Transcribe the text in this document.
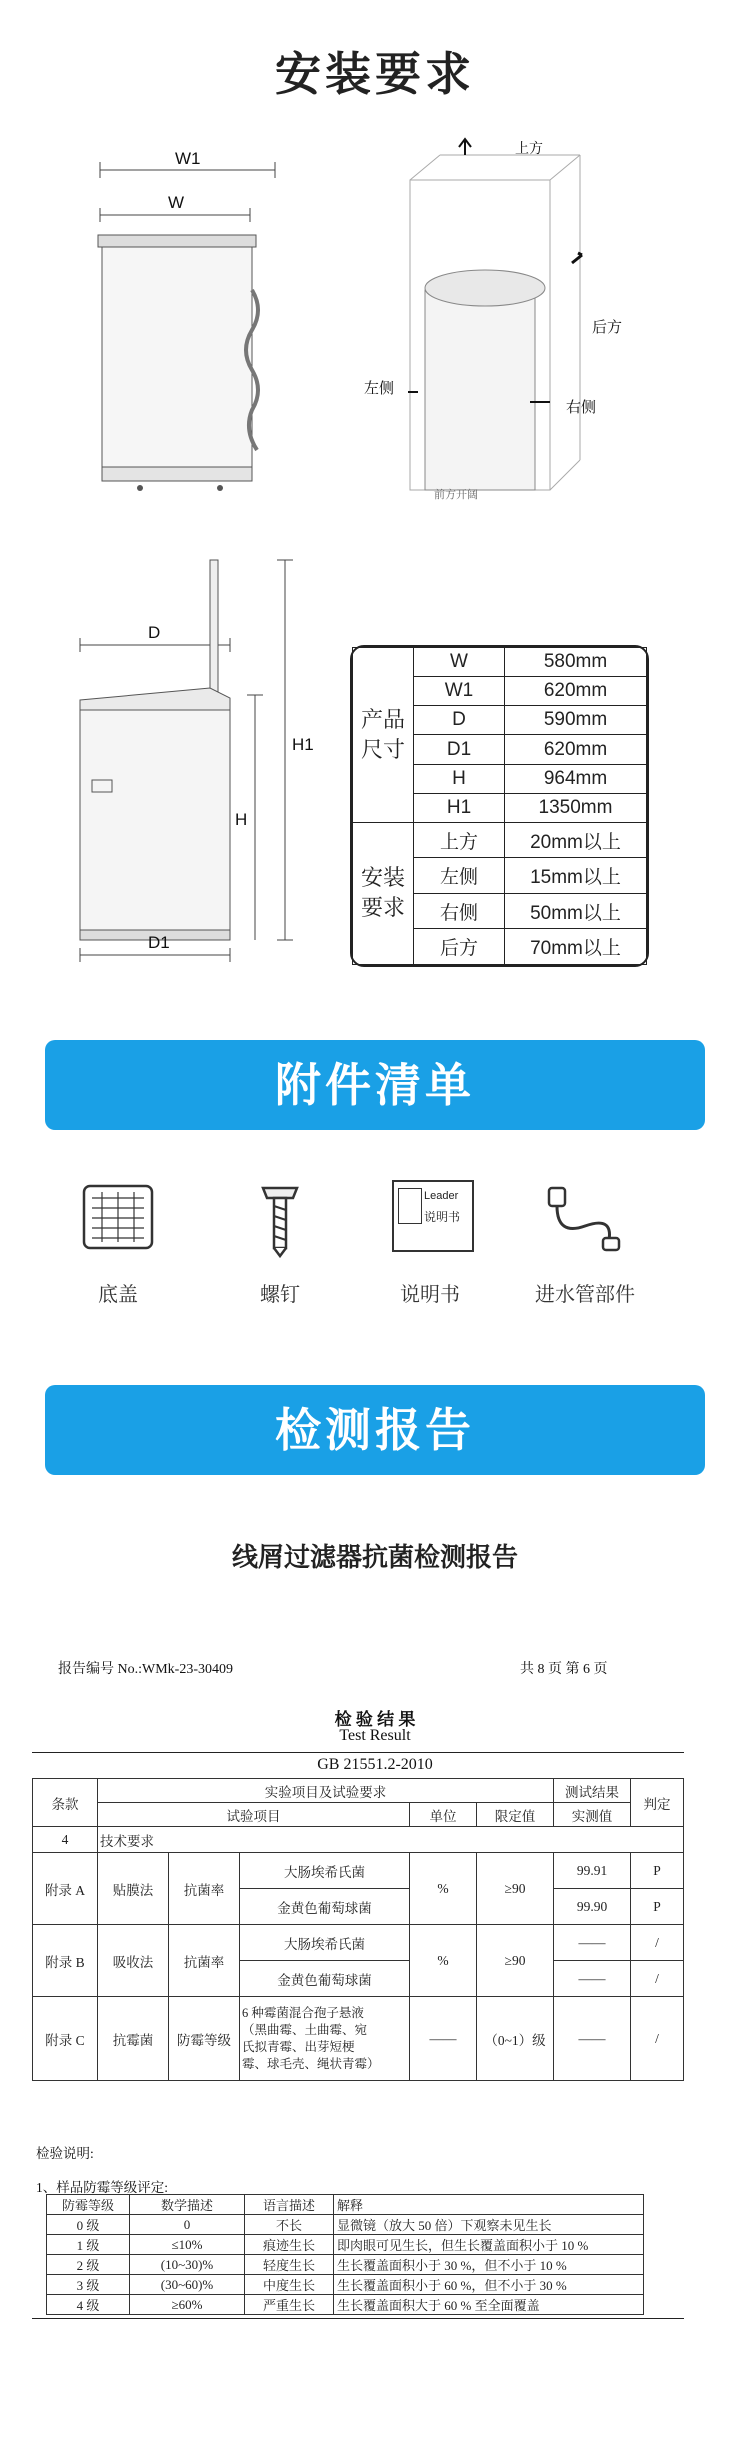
安装要求
W1
W
上方
后方
左侧
右侧
前方开阔
D
H1
H
D1
产品
尺寸	W	580mm
	W1	620mm
	D	590mm
	D1	620mm
	H	964mm
	H1	1350mm
安装
要求	上方	20mm以上
	左侧	15mm以上
	右侧	50mm以上
	后方	70mm以上
附件清单
Leader
说明书
底盖	螺钉	说明书	进水管部件
检测报告
线屑过滤器抗菌检测报告
报告编号 No.:WMk-23-30409	共 8 页 第 6 页
检 验 结 果
Test Result
GB 21551.2-2010
条款	实验项目及试验要求					测试结果	判定
	试验项目			单位	限定值	实测值	
4	技术要求						
附录 A	贴膜法	抗菌率	大肠埃希氏菌	%	≥90	99.91	P
			金黄色葡萄球菌			99.90	P
附录 B	吸收法	抗菌率	大肠埃希氏菌	%	≥90	——	/
			金黄色葡萄球菌			——	/
附录 C	抗霉菌	防霉等级	6 种霉菌混合孢子悬液
（黑曲霉、土曲霉、宛
氏拟青霉、出芽短梗
霉、球毛壳、绳状青霉）	——	（0~1）级	——	/
检验说明:
1、样品防霉等级评定:
防霉等级	数学描述	语言描述	解释
0 级	0	不长	显微镜（放大 50 倍）下观察未见生长
1 级	≤10%	痕迹生长	即肉眼可见生长，但生长覆盖面积小于 10 %
2 级	(10~30)%	轻度生长	生长覆盖面积小于 30 %，但不小于 10 %
3 级	(30~60)%	中度生长	生长覆盖面积小于 60 %，但不小于 30 %
4 级	≥60%	严重生长	生长覆盖面积大于 60 % 至全面覆盖
